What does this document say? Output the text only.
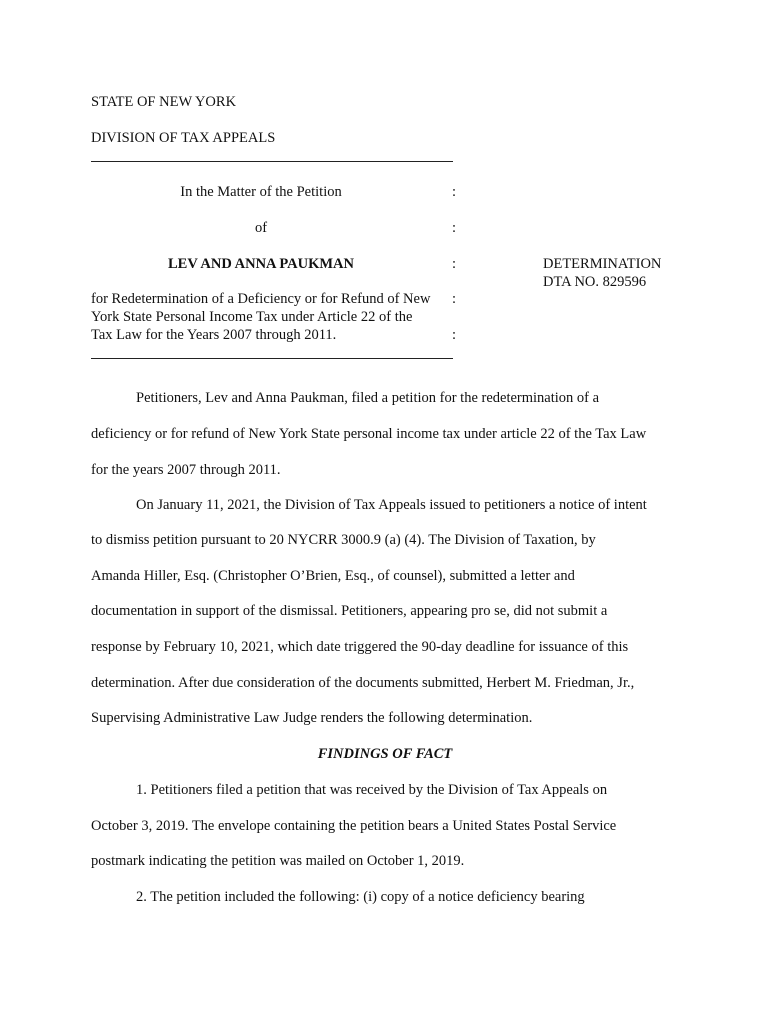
STATE OF NEW YORK
DIVISION OF TAX APPEALS
In the Matter of the Petition	:
of	:
LEV AND ANNA PAUKMAN	:	DETERMINATION
DTA NO. 829596
for Redetermination of a Deficiency or for Refund of New :
York State Personal Income Tax under Article 22 of the
Tax Law for the Years 2007 through 2011.	:
Petitioners, Lev and Anna Paukman, filed a petition for the redetermination of a
deficiency or for refund of New York State personal income tax under article 22 of the Tax Law
for the years 2007 through 2011.
On January 11, 2021, the Division of Tax Appeals issued to petitioners a notice of intent
to dismiss petition pursuant to 20 NYCRR 3000.9 (a) (4). The Division of Taxation, by
Amanda Hiller, Esq. (Christopher O’Brien, Esq., of counsel), submitted a letter and
documentation in support of the dismissal. Petitioners, appearing pro se, did not submit a
response by February 10, 2021, which date triggered the 90-day deadline for issuance of this
determination. After due consideration of the documents submitted, Herbert M. Friedman, Jr.,
Supervising Administrative Law Judge renders the following determination.
FINDINGS OF FACT
1. Petitioners filed a petition that was received by the Division of Tax Appeals on
October 3, 2019. The envelope containing the petition bears a United States Postal Service
postmark indicating the petition was mailed on October 1, 2019.
2. The petition included the following: (i) copy of a notice deficiency bearing
